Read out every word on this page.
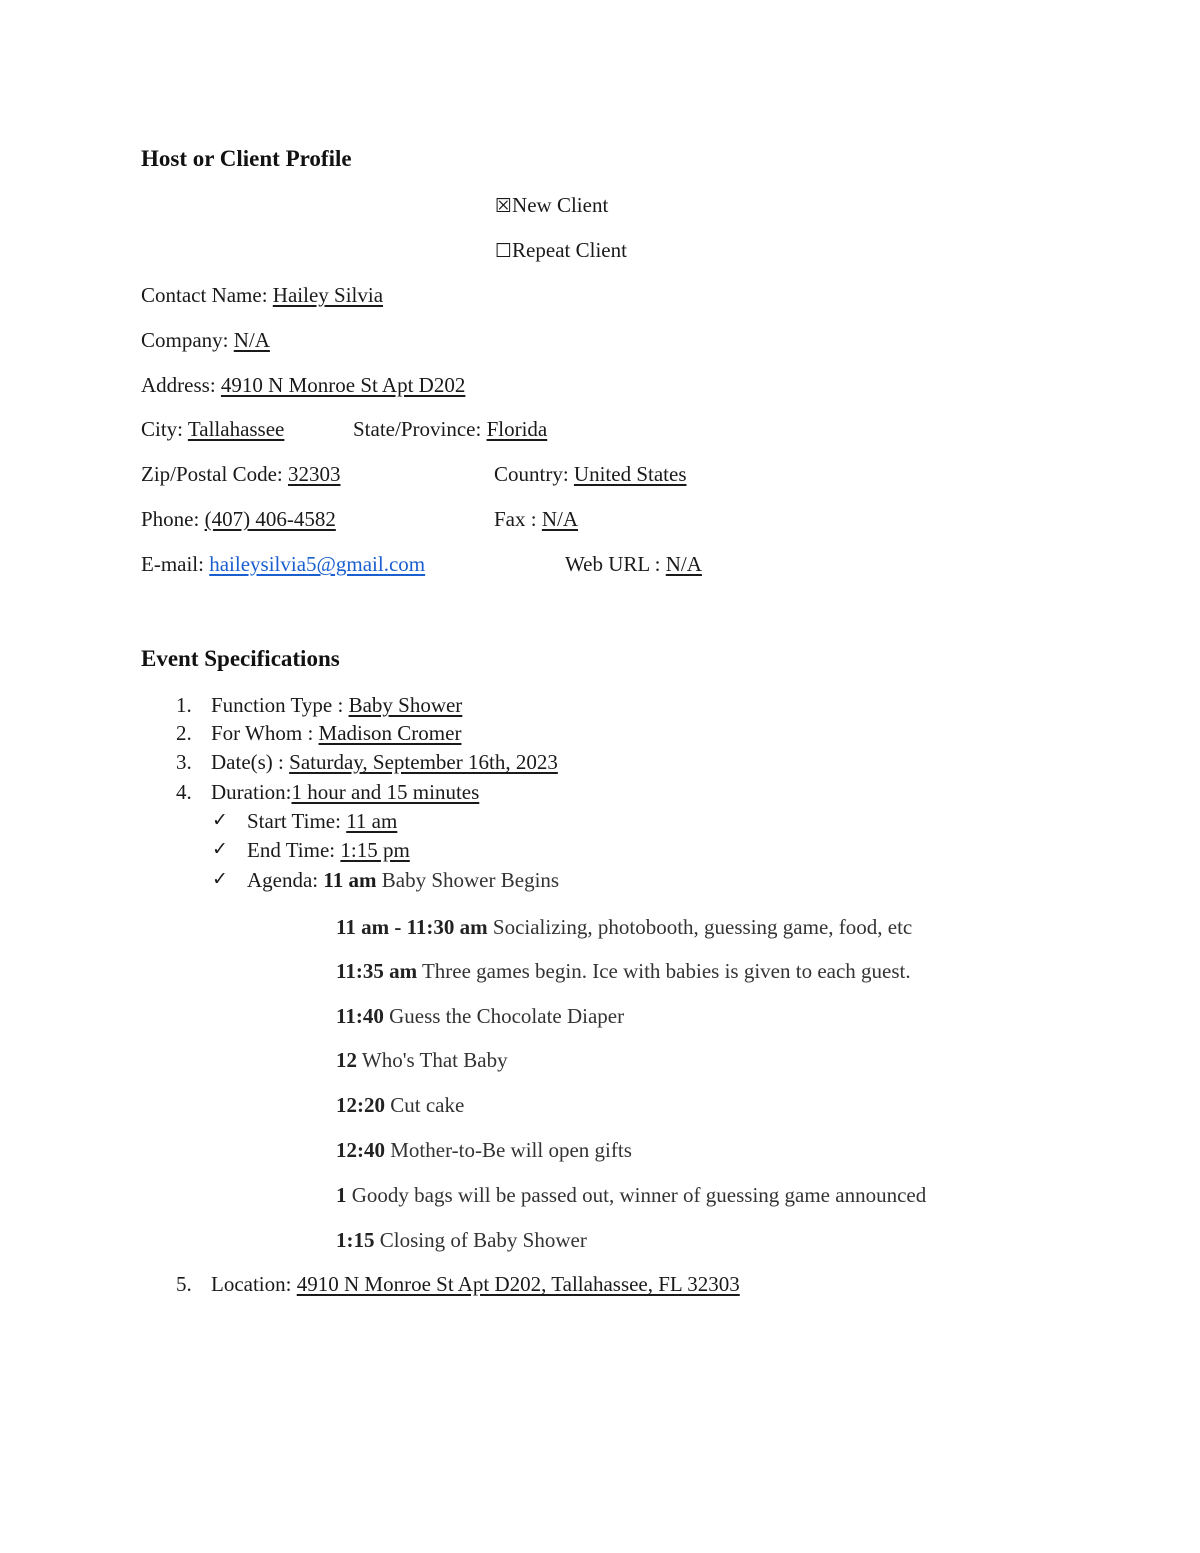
Host or Client Profile
☒New Client
☐Repeat Client
Contact Name: Hailey Silvia
Company: N/A
Address: 4910 N Monroe St Apt D202
City: Tallahassee	State/Province: Florida
Zip/Postal Code: 32303	Country: United States
Phone: (407) 406-4582	Fax : N/A
E-mail: haileysilvia5@gmail.com	Web URL : N/A
Event Specifications
1. Function Type : Baby Shower
2. For Whom : Madison Cromer
3. Date(s) : Saturday, September 16th, 2023
4. Duration:1 hour and 15 minutes
✓ Start Time: 11 am
✓ End Time: 1:15 pm
✓ Agenda: 11 am Baby Shower Begins
11 am - 11:30 am Socializing, photobooth, guessing game, food, etc
11:35 am Three games begin. Ice with babies is given to each guest.
11:40 Guess the Chocolate Diaper
12 Who's That Baby
12:20 Cut cake
12:40 Mother-to-Be will open gifts
1 Goody bags will be passed out, winner of guessing game announced
1:15 Closing of Baby Shower
5. Location: 4910 N Monroe St Apt D202, Tallahassee, FL 32303
